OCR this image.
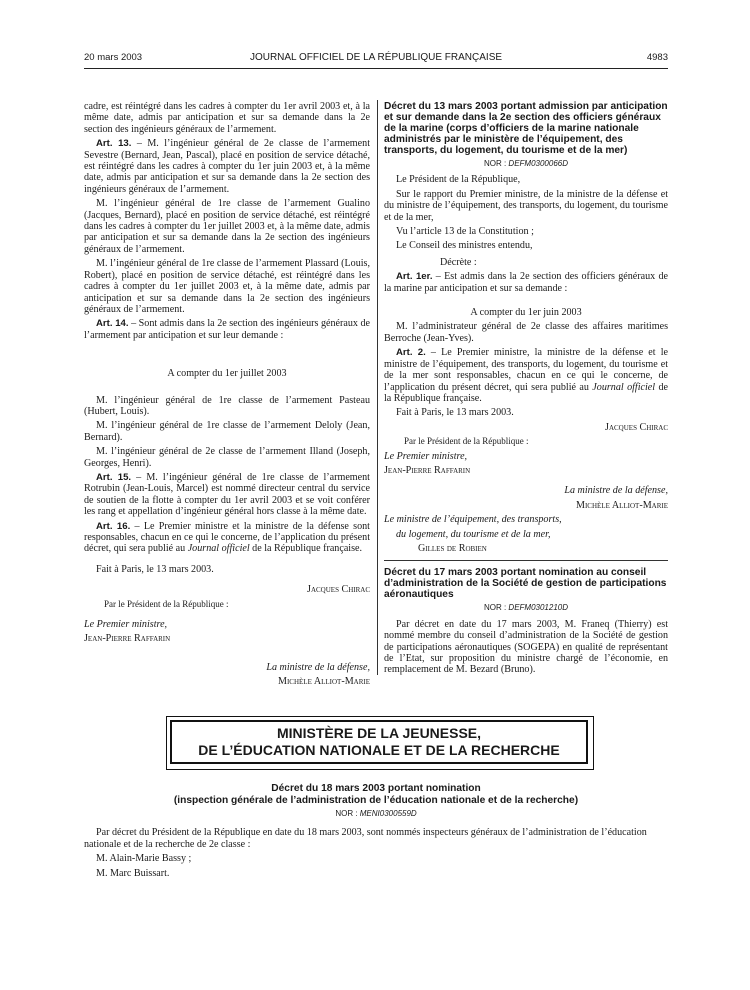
20 mars 2003	JOURNAL OFFICIEL DE LA RÉPUBLIQUE FRANÇAISE	4983

cadre, est réintégré dans les cadres à compter du 1er avril 2003 et, à la même date, admis par anticipation et sur sa demande dans la 2e section des ingénieurs généraux de l’armement.

Art. 13. – M. l’ingénieur général de 2e classe de l’armement Sevestre (Bernard, Jean, Pascal), placé en position de service détaché, est réintégré dans les cadres à compter du 1er juin 2003 et, à la même date, admis par anticipation et sur sa demande dans la 2e section des ingénieurs généraux de l’armement.

M. l’ingénieur général de 1re classe de l’armement Gualino (Jacques, Bernard), placé en position de service détaché, est réintégré dans les cadres à compter du 1er juillet 2003 et, à la même date, admis par anticipation et sur sa demande dans la 2e section des ingénieurs généraux de l’armement.

M. l’ingénieur général de 1re classe de l’armement Plassard (Louis, Robert), placé en position de service détaché, est réintégré dans les cadres à compter du 1er juillet 2003 et, à la même date, admis par anticipation et sur sa demande dans la 2e section des ingénieurs généraux de l’armement.

Art. 14. – Sont admis dans la 2e section des ingénieurs généraux de l’armement par anticipation et sur leur demande :

A compter du 1er juillet 2003

M. l’ingénieur général de 1re classe de l’armement Pasteau (Hubert, Louis).

M. l’ingénieur général de 1re classe de l’armement Deloly (Jean, Bernard).

M. l’ingénieur général de 2e classe de l’armement Illand (Joseph, Georges, Henri).

Art. 15. – M. l’ingénieur général de 1re classe de l’armement Rotrubin (Jean-Louis, Marcel) est nommé directeur central du service de soutien de la flotte à compter du 1er avril 2003 et se voit conférer les rang et appellation d’ingénieur général hors classe à la même date.

Art. 16. – Le Premier ministre et la ministre de la défense sont responsables, chacun en ce qui le concerne, de l’application du présent décret, qui sera publié au Journal officiel de la République française.

Fait à Paris, le 13 mars 2003.

Jacques Chirac

Par le Président de la République :

Le Premier ministre,

Jean-Pierre Raffarin

La ministre de la défense,

Michèle Alliot-Marie

Décret du 13 mars 2003 portant admission par anticipation et sur demande dans la 2e section des officiers généraux de la marine (corps d’officiers de la marine nationale administrés par le ministère de l’équipement, des transports, du logement, du tourisme et de la mer)

NOR : DEFM0300066D

Le Président de la République,

Sur le rapport du Premier ministre, de la ministre de la défense et du ministre de l’équipement, des transports, du logement, du tourisme et de la mer,

Vu l’article 13 de la Constitution ;

Le Conseil des ministres entendu,

Décrète :

Art. 1er. – Est admis dans la 2e section des officiers généraux de la marine par anticipation et sur sa demande :

A compter du 1er juin 2003

M. l’administrateur général de 2e classe des affaires maritimes Berroche (Jean-Yves).

Art. 2. – Le Premier ministre, la ministre de la défense et le ministre de l’équipement, des transports, du logement, du tourisme et de la mer sont responsables, chacun en ce qui le concerne, de l’application du présent décret, qui sera publié au Journal officiel de la République française.

Fait à Paris, le 13 mars 2003.

Jacques Chirac

Par le Président de la République :

Le Premier ministre,

Jean-Pierre Raffarin

La ministre de la défense,

Michèle Alliot-Marie

Le ministre de l’équipement, des transports,

du logement, du tourisme et de la mer,

Gilles de Robien

Décret du 17 mars 2003 portant nomination au conseil d’administration de la Société de gestion de participations aéronautiques

NOR : DEFM0301210D

Par décret en date du 17 mars 2003, M. Franeq (Thierry) est nommé membre du conseil d’administration de la Société de gestion de participations aéronautiques (SOGEPA) en qualité de représentant de l’Etat, sur proposition du ministre chargé de l’économie, en remplacement de M. Bezard (Bruno).

MINISTÈRE DE LA JEUNESSE,
DE L’ÉDUCATION NATIONALE ET DE LA RECHERCHE
Décret du 18 mars 2003 portant nomination
(inspection générale de l’administration de l’éducation nationale et de la recherche)
NOR : MENI0300559D

Par décret du Président de la République en date du 18 mars 2003, sont nommés inspecteurs généraux de l’administration de l’éducation nationale et de la recherche de 2e classe :

M. Alain-Marie Bassy ;

M. Marc Buissart.
